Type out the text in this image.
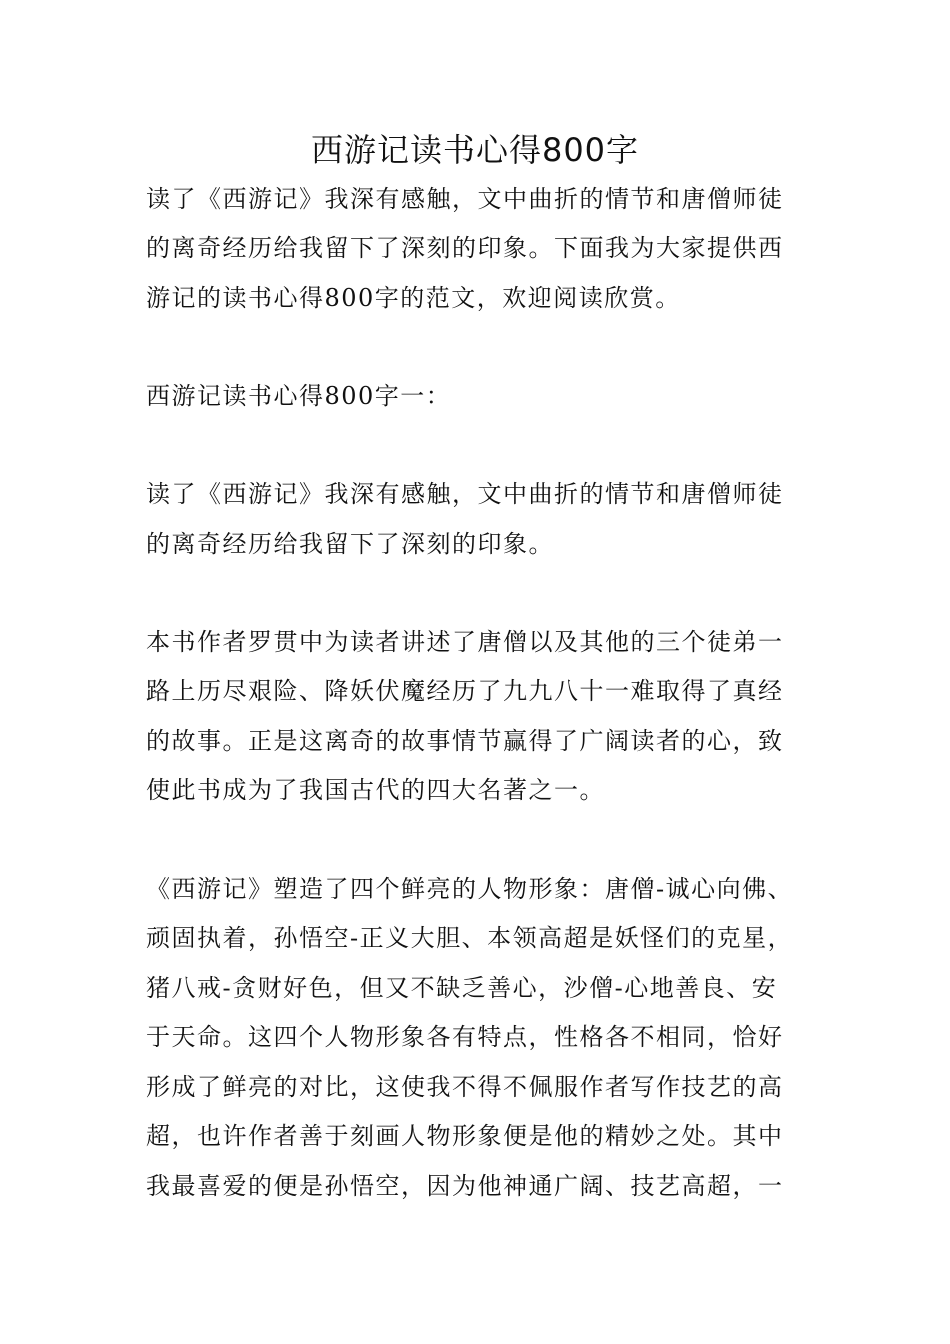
西游记读书心得800字
读了《西游记》我深有感触，文中曲折的情节和唐僧师徒
的离奇经历给我留下了深刻的印象。下面我为大家提供西
游记的读书心得800字的范文，欢迎阅读欣赏。
西游记读书心得800字一：
读了《西游记》我深有感触，文中曲折的情节和唐僧师徒
的离奇经历给我留下了深刻的印象。
本书作者罗贯中为读者讲述了唐僧以及其他的三个徒弟一
路上历尽艰险、降妖伏魔经历了九九八十一难取得了真经
的故事。正是这离奇的故事情节赢得了广阔读者的心，致
使此书成为了我国古代的四大名著之一。
《西游记》塑造了四个鲜亮的人物形象：唐僧-诚心向佛、
顽固执着，孙悟空-正义大胆、本领高超是妖怪们的克星，
猪八戒-贪财好色，但又不缺乏善心，沙僧-心地善良、安
于天命。这四个人物形象各有特点，性格各不相同，恰好
形成了鲜亮的对比，这使我不得不佩服作者写作技艺的高
超，也许作者善于刻画人物形象便是他的精妙之处。其中
我最喜爱的便是孙悟空，因为他神通广阔、技艺高超，一
